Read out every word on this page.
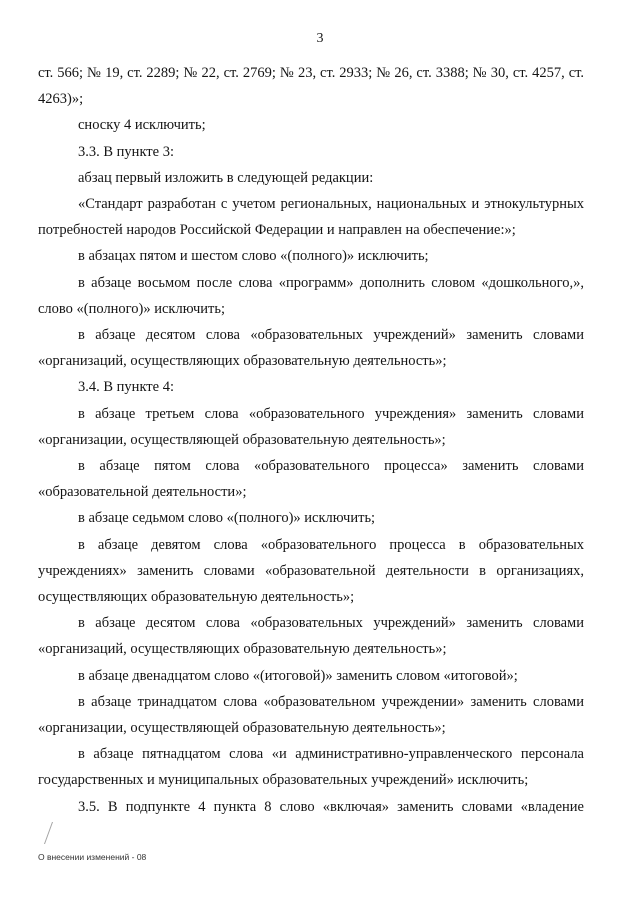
3

ст. 566; № 19, ст. 2289; № 22, ст. 2769; № 23, ст. 2933; № 26, ст. 3388; № 30, ст. 4257, ст. 4263)»;

сноску 4 исключить;

3.3. В пункте 3:

абзац первый изложить в следующей редакции:

«Стандарт разработан с учетом региональных, национальных и этнокультурных потребностей народов Российской Федерации и направлен на обеспечение:»;

в абзацах пятом и шестом слово «(полного)» исключить;

в абзаце восьмом после слова «программ» дополнить словом «дошкольного,», слово «(полного)» исключить;

в абзаце десятом слова «образовательных учреждений» заменить словами «организаций, осуществляющих образовательную деятельность»;

3.4. В пункте 4:

в абзаце третьем слова «образовательного учреждения» заменить словами «организации, осуществляющей образовательную деятельность»;

в абзаце пятом слова «образовательного процесса» заменить словами «образовательной деятельности»;

в абзаце седьмом слово «(полного)» исключить;

в абзаце девятом слова «образовательного процесса в образовательных учреждениях» заменить словами «образовательной деятельности в организациях, осуществляющих образовательную деятельность»;

в абзаце десятом слова «образовательных учреждений» заменить словами «организаций, осуществляющих образовательную деятельность»;

в абзаце двенадцатом слово «(итоговой)» заменить словом «итоговой»;

в абзаце тринадцатом слова «образовательном учреждении» заменить словами «организации, осуществляющей образовательную деятельность»;

в абзаце пятнадцатом слова «и административно-управленческого персонала государственных и муниципальных образовательных учреждений» исключить;

3.5. В подпункте 4 пункта 8 слово «включая» заменить словами «владение

О внесении изменений - 08
